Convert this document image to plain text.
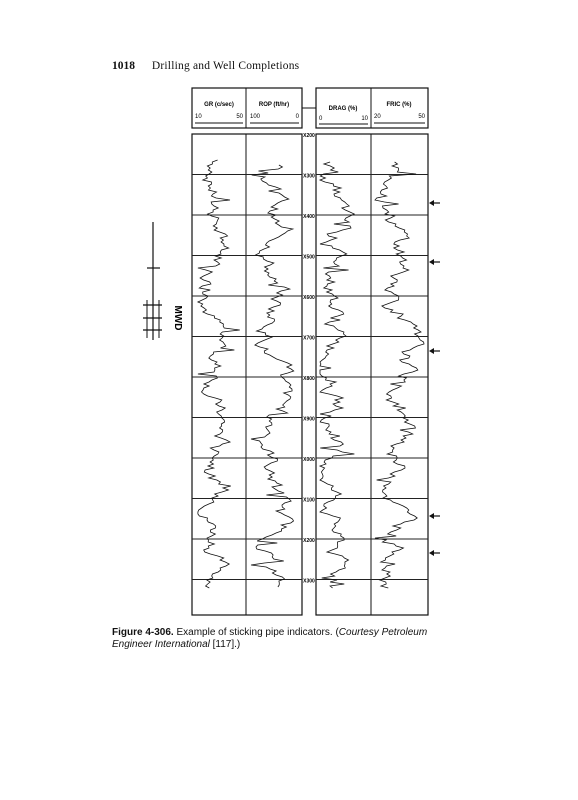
1018 Drilling and Well Completions
GR (c/sec)	ROP (ft/hr)
DRAG (%)
FRIC (%)
10	50 100	0	0	10 20	50
X200
X300
X400
X500
X600
X700
X800
X900
X000
X100
X200
X300
MWD
Figure 4-306. Example of sticking pipe indicators. (Courtesy Petroleum Engineer International [117].)
